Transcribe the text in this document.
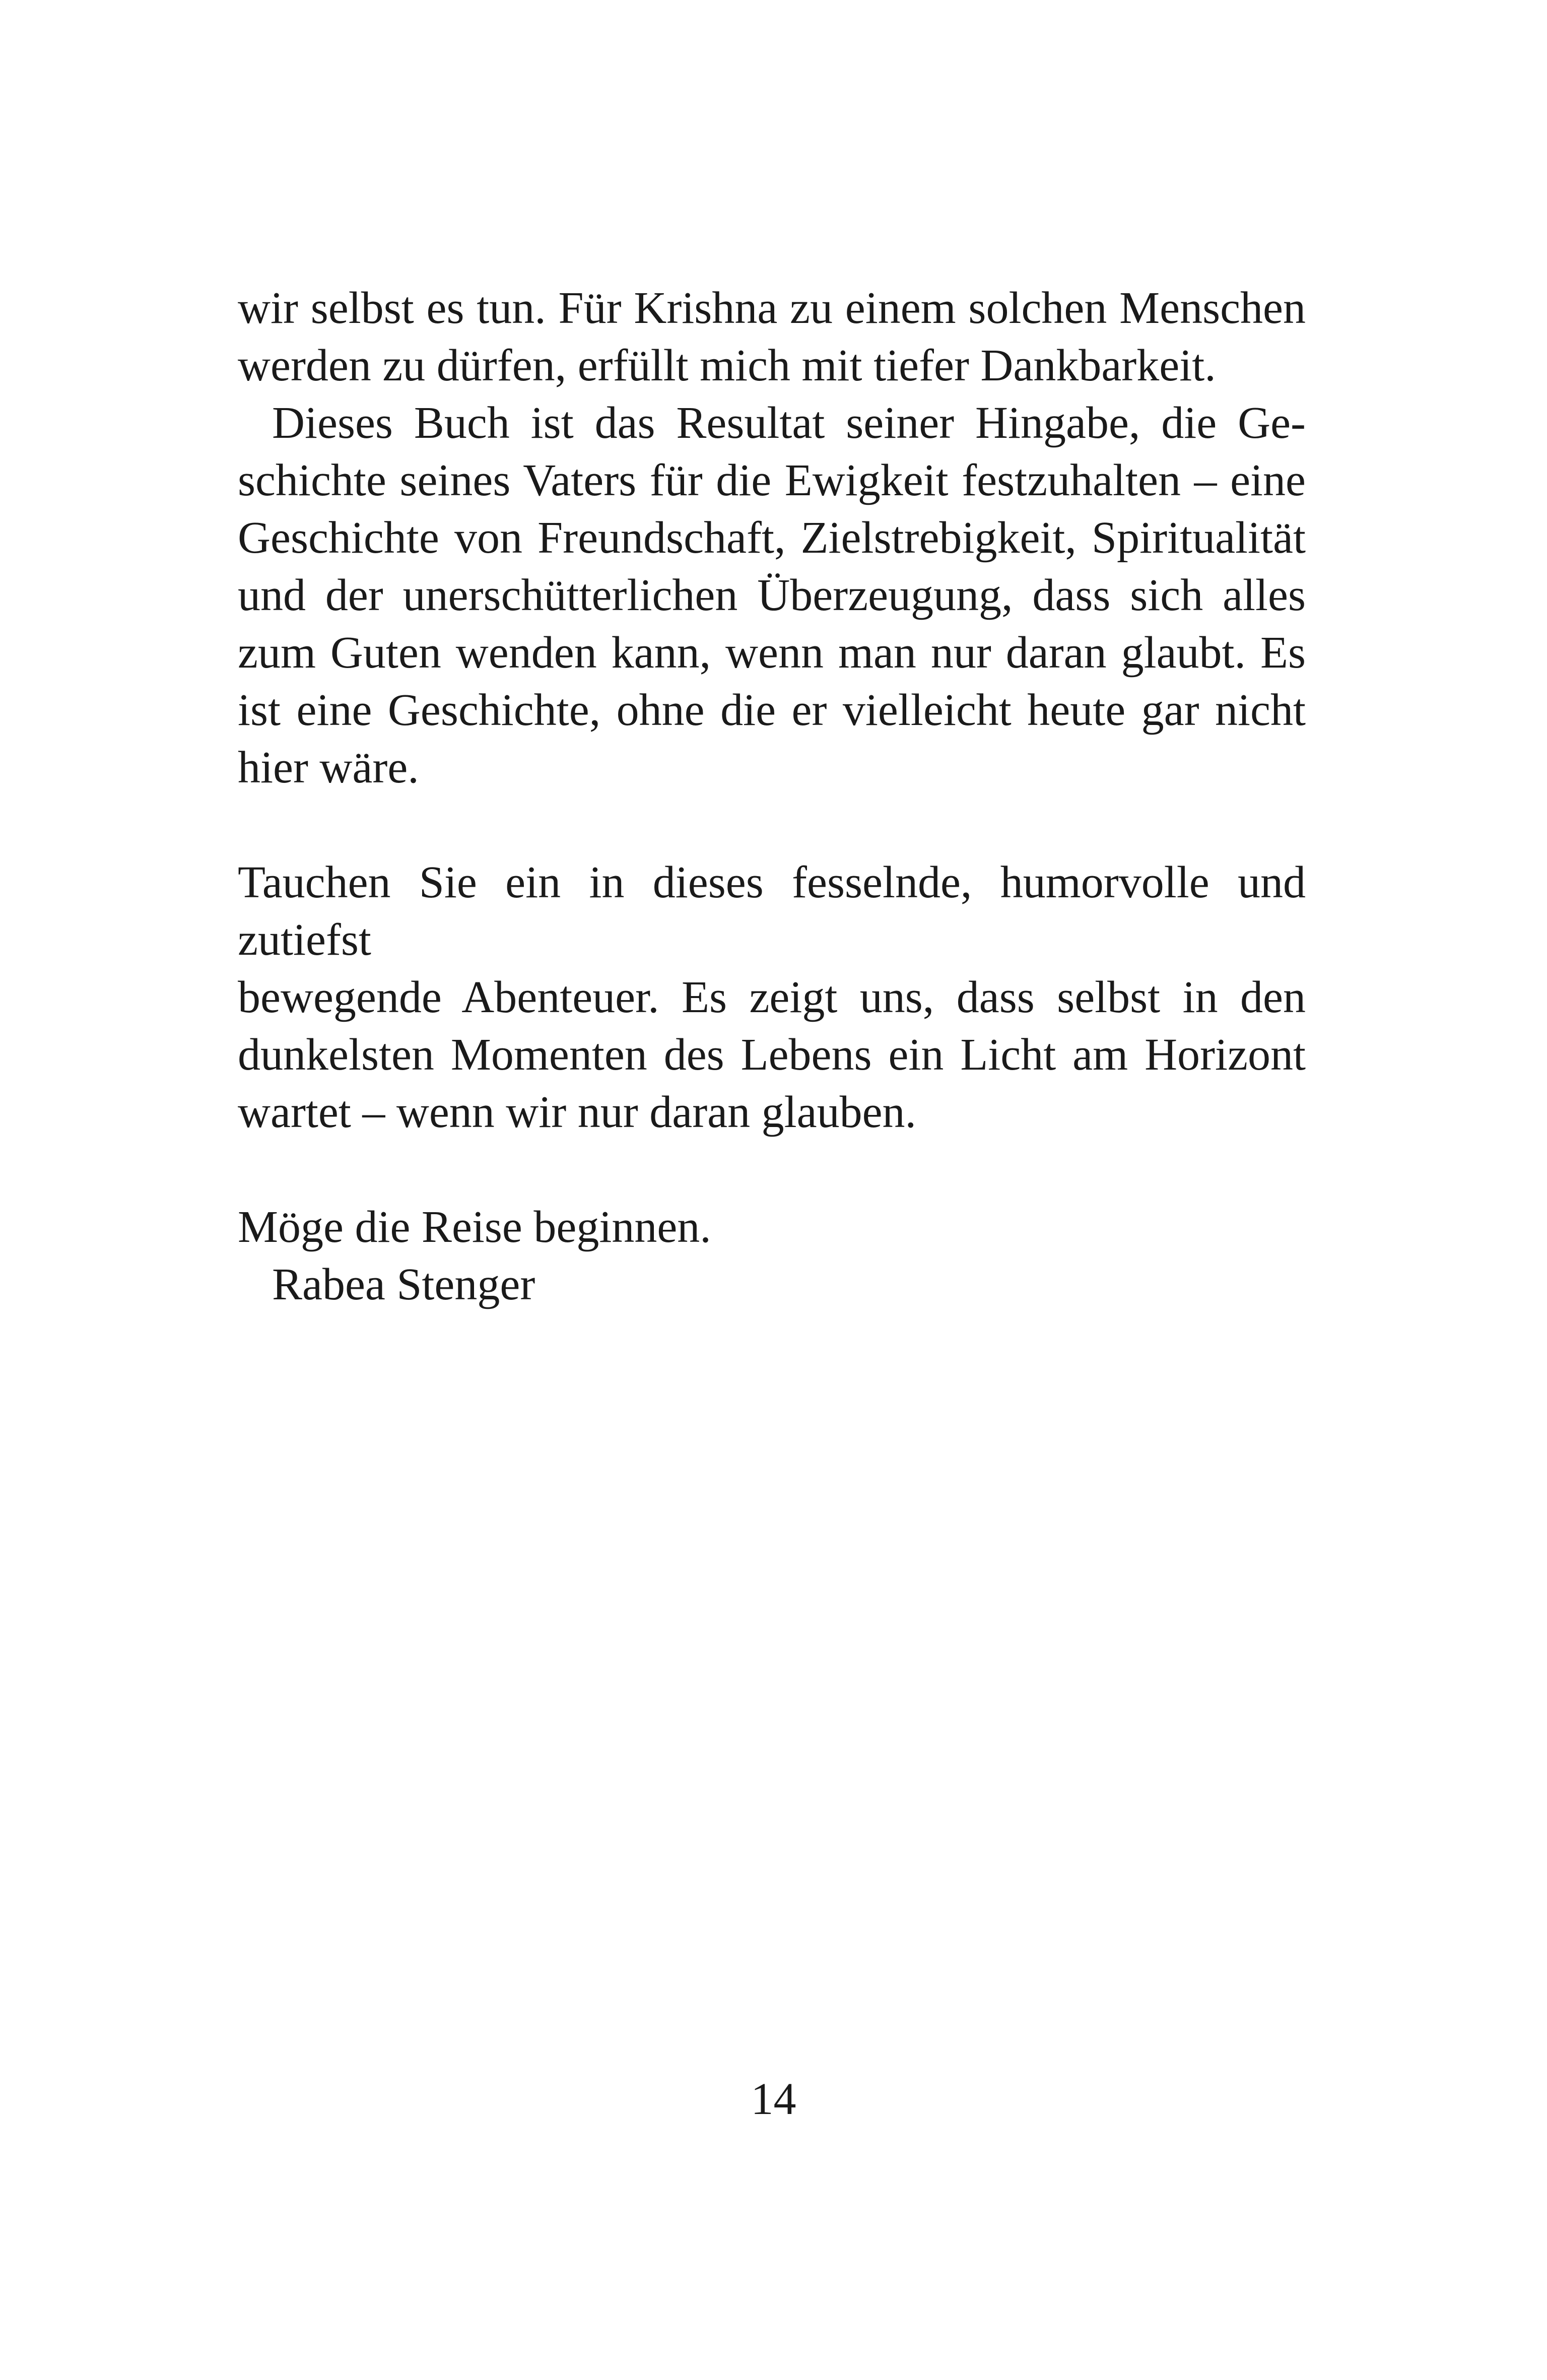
wir selbst es tun. Für Krishna zu einem solchen Menschen
werden zu dürfen, erfüllt mich mit tiefer Dankbarkeit.
Dieses Buch ist das Resultat seiner Hingabe, die Ge-
schichte seines Vaters für die Ewigkeit festzuhalten – eine
Geschichte von Freundschaft, Zielstrebigkeit, Spiritualität
und der unerschütterlichen Überzeugung, dass sich alles
zum Guten wenden kann, wenn man nur daran glaubt. Es
ist eine Geschichte, ohne die er vielleicht heute gar nicht
hier wäre.
Tauchen Sie ein in dieses fesselnde, humorvolle und zutiefst
bewegende Abenteuer. Es zeigt uns, dass selbst in den
dunkelsten Momenten des Lebens ein Licht am Horizont
wartet – wenn wir nur daran glauben.
Möge die Reise beginnen.
Rabea Stenger
14
